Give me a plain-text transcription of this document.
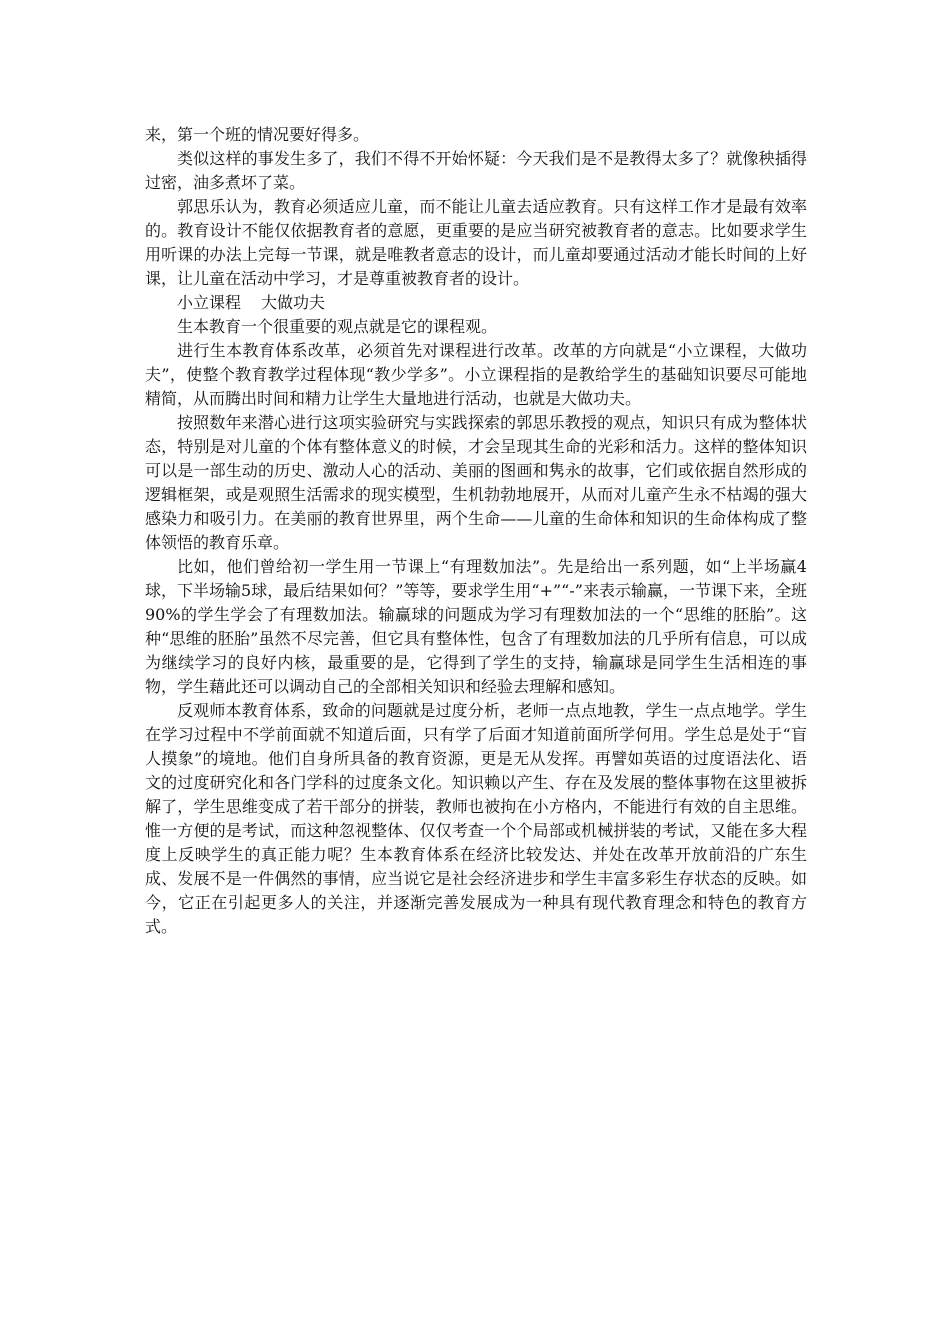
来，第一个班的情况要好得多。

类似这样的事发生多了，我们不得不开始怀疑：今天我们是不是教得太多了？就像秧插得过密，油多煮坏了菜。

郭思乐认为，教育必须适应儿童，而不能让儿童去适应教育。只有这样工作才是最有效率的。教育设计不能仅依据教育者的意愿，更重要的是应当研究被教育者的意志。比如要求学生用听课的办法上完每一节课，就是唯教者意志的设计，而儿童却要通过活动才能长时间的上好课，让儿童在活动中学习，才是尊重被教育者的设计。

小立课程 大做功夫

生本教育一个很重要的观点就是它的课程观。

进行生本教育体系改革，必须首先对课程进行改革。改革的方向就是“小立课程，大做功夫”，使整个教育教学过程体现“教少学多”。小立课程指的是教给学生的基础知识要尽可能地精简，从而腾出时间和精力让学生大量地进行活动，也就是大做功夫。

按照数年来潜心进行这项实验研究与实践探索的郭思乐教授的观点，知识只有成为整体状态，特别是对儿童的个体有整体意义的时候，才会呈现其生命的光彩和活力。这样的整体知识可以是一部生动的历史、激动人心的活动、美丽的图画和隽永的故事，它们或依据自然形成的逻辑框架，或是观照生活需求的现实模型，生机勃勃地展开，从而对儿童产生永不枯竭的强大感染力和吸引力。在美丽的教育世界里，两个生命——儿童的生命体和知识的生命体构成了整体领悟的教育乐章。

比如，他们曾给初一学生用一节课上“有理数加法”。先是给出一系列题，如“上半场赢4球，下半场输5球，最后结果如何？”等等，要求学生用“+”“-”来表示输赢，一节课下来，全班90%的学生学会了有理数加法。输赢球的问题成为学习有理数加法的一个“思维的胚胎”。这种“思维的胚胎”虽然不尽完善，但它具有整体性，包含了有理数加法的几乎所有信息，可以成为继续学习的良好内核，最重要的是，它得到了学生的支持，输赢球是同学生生活相连的事物，学生藉此还可以调动自己的全部相关知识和经验去理解和感知。

反观师本教育体系，致命的问题就是过度分析，老师一点点地教，学生一点点地学。学生在学习过程中不学前面就不知道后面，只有学了后面才知道前面所学何用。学生总是处于“盲人摸象”的境地。他们自身所具备的教育资源，更是无从发挥。再譬如英语的过度语法化、语文的过度研究化和各门学科的过度条文化。知识赖以产生、存在及发展的整体事物在这里被拆解了，学生思维变成了若干部分的拼装，教师也被拘在小方格内，不能进行有效的自主思维。惟一方便的是考试，而这种忽视整体、仅仅考查一个个局部或机械拼装的考试，又能在多大程度上反映学生的真正能力呢？生本教育体系在经济比较发达、并处在改革开放前沿的广东生成、发展不是一件偶然的事情，应当说它是社会经济进步和学生丰富多彩生存状态的反映。如今，它正在引起更多人的关注，并逐渐完善发展成为一种具有现代教育理念和特色的教育方式。
